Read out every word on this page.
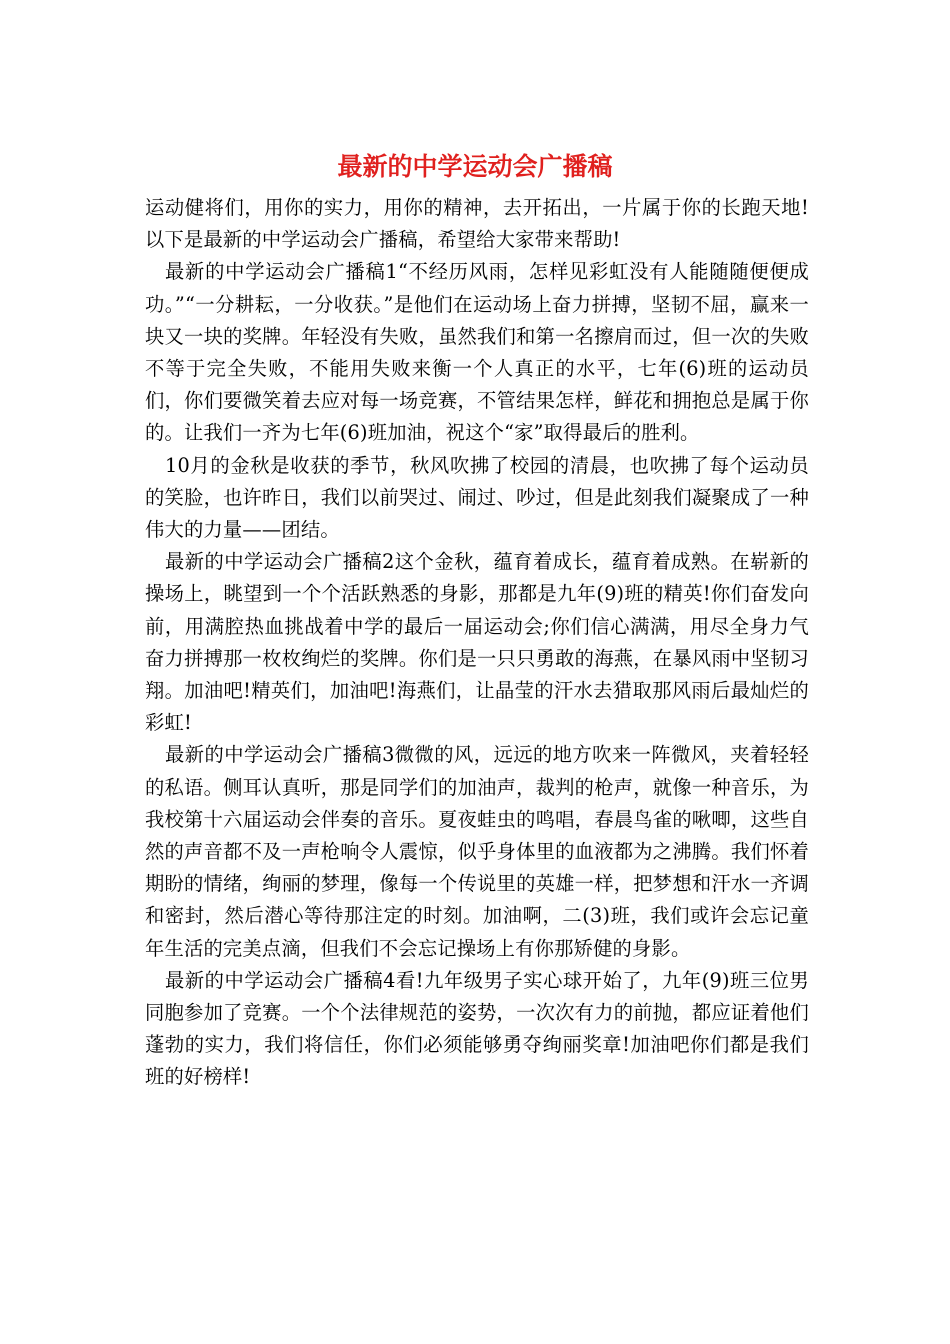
最新的中学运动会广播稿

运动健将们，用你的实力，用你的精神，去开拓出，一片属于你的长跑天地!以下是最新的中学运动会广播稿，希望给大家带来帮助!

最新的中学运动会广播稿1“不经历风雨，怎样见彩虹没有人能随随便便成功。”“一分耕耘，一分收获。”是他们在运动场上奋力拼搏，坚韧不屈，赢来一块又一块的奖牌。年轻没有失败，虽然我们和第一名擦肩而过，但一次的失败不等于完全失败，不能用失败来衡一个人真正的水平，七年(6)班的运动员们，你们要微笑着去应对每一场竞赛，不管结果怎样，鲜花和拥抱总是属于你的。让我们一齐为七年(6)班加油，祝这个“家”取得最后的胜利。

10月的金秋是收获的季节，秋风吹拂了校园的清晨，也吹拂了每个运动员的笑脸，也许昨日，我们以前哭过、闹过、吵过，但是此刻我们凝聚成了一种伟大的力量——团结。

最新的中学运动会广播稿2这个金秋，蕴育着成长，蕴育着成熟。在崭新的操场上，眺望到一个个活跃熟悉的身影，那都是九年(9)班的精英!你们奋发向前，用满腔热血挑战着中学的最后一届运动会;你们信心满满，用尽全身力气奋力拼搏那一枚枚绚烂的奖牌。你们是一只只勇敢的海燕，在暴风雨中坚韧习翔。加油吧!精英们，加油吧!海燕们，让晶莹的汗水去猎取那风雨后最灿烂的彩虹!

最新的中学运动会广播稿3微微的风，远远的地方吹来一阵微风，夹着轻轻的私语。侧耳认真听，那是同学们的加油声，裁判的枪声，就像一种音乐，为我校第十六届运动会伴奏的音乐。夏夜蛙虫的鸣唱，春晨鸟雀的啾唧，这些自然的声音都不及一声枪响令人震惊，似乎身体里的血液都为之沸腾。我们怀着期盼的情绪，绚丽的梦理，像每一个传说里的英雄一样，把梦想和汗水一齐调和密封，然后潜心等待那注定的时刻。加油啊，二(3)班，我们或许会忘记童年生活的完美点滴，但我们不会忘记操场上有你那矫健的身影。

最新的中学运动会广播稿4看!九年级男子实心球开始了，九年(9)班三位男同胞参加了竞赛。一个个法律规范的姿势，一次次有力的前抛，都应证着他们蓬勃的实力，我们将信任，你们必须能够勇夺绚丽奖章!加油吧你们都是我们班的好榜样!
